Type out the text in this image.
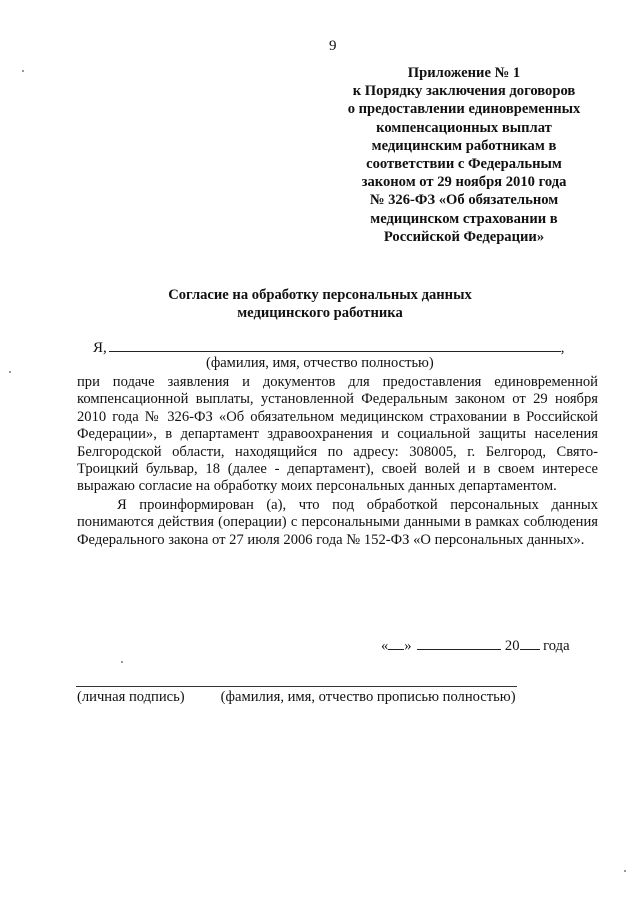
9
Приложение № 1
к Порядку заключения договоров
о предоставлении единовременных
компенсационных выплат
медицинским работникам в
соответствии с Федеральным
законом от 29 ноября 2010 года
№ 326-ФЗ «Об обязательном
медицинском страховании в
Российской Федерации»
Согласие на обработку персональных данных
медицинского работника
Я,	,
(фамилия, имя, отчество полностью)

при подаче заявления и документов для предоставления единовременной компенсационной выплаты, установленной Федеральным законом от 29 ноября 2010 года № 326-ФЗ «Об обязательном медицинском страховании в Российской Федерации», в департамент здравоохранения и социальной защиты населения Белгородской области, находящийся по адресу: 308005, г. Белгород, Свято-Троицкий бульвар, 18 (далее - департамент), своей волей и в своем интересе выражаю согласие на обработку моих персональных данных департаментом.

Я проинформирован (а), что под обработкой персональных данных понимаются действия (операции) с персональными данными в рамках соблюдения Федерального закона от 27 июля 2006 года № 152-ФЗ «О персональных данных».

« »	20 года
(личная подпись) (фамилия, имя, отчество прописью полностью)
